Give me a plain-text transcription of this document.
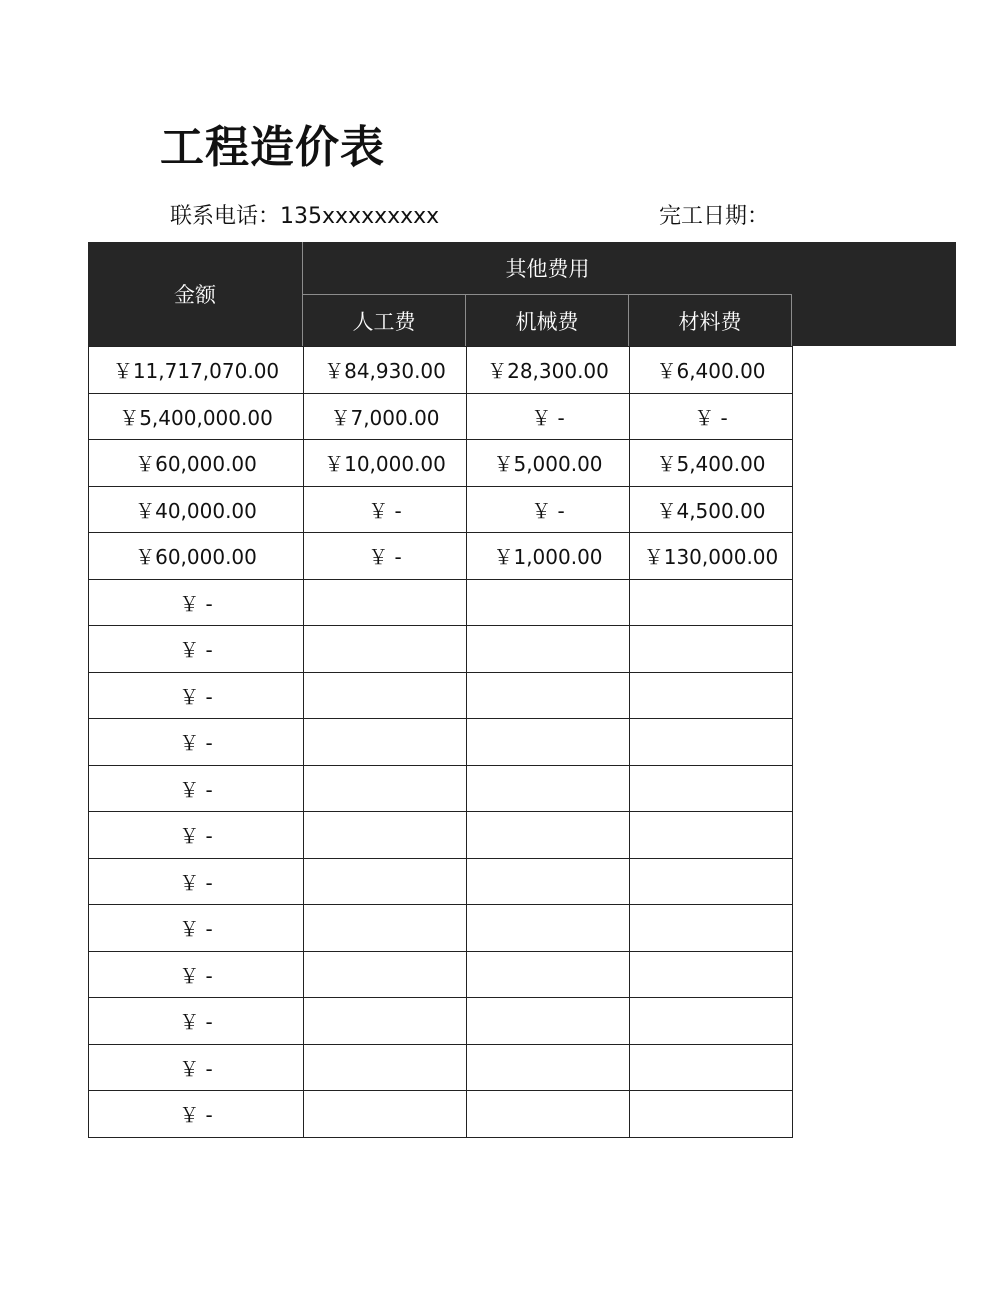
工程造价表
联系电话：135xxxxxxxxx	完工日期：
金额
其他费用
人工费	机械费	材料费
￥11,717,070.00	￥84,930.00	￥28,300.00	￥6,400.00
￥5,400,000.00	￥7,000.00	￥ -	￥ -
￥60,000.00	￥10,000.00	￥5,000.00	￥5,400.00
￥40,000.00	￥ -	￥ -	￥4,500.00
￥60,000.00	￥ -	￥1,000.00	￥130,000.00
￥ -			
￥ -			
￥ -			
￥ -			
￥ -			
￥ -			
￥ -			
￥ -			
￥ -			
￥ -			
￥ -			
￥ -			
